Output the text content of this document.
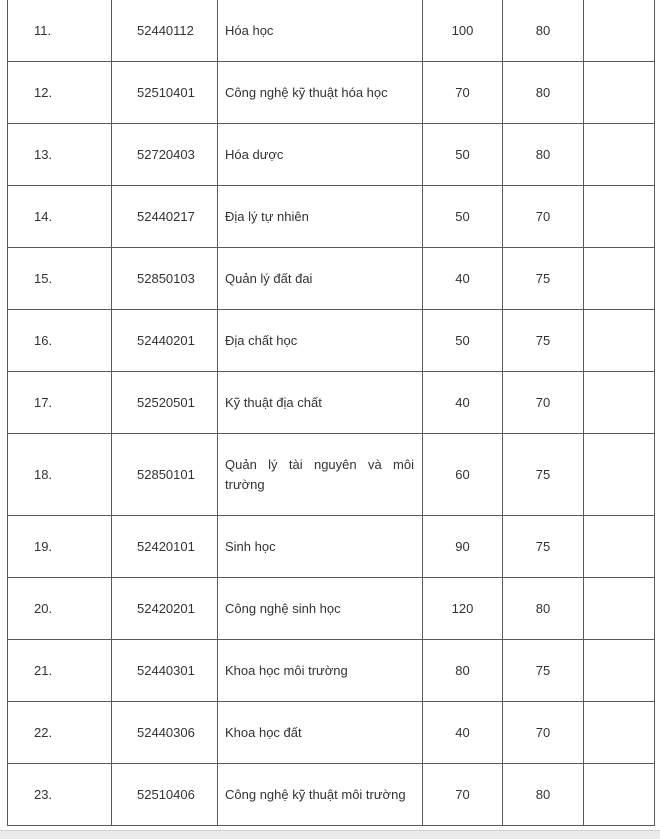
11.	52440112	Hóa học	100	80	
12.	52510401	Công nghệ kỹ thuật hóa học	70	80	
13.	52720403	Hóa dược	50	80	
14.	52440217	Địa lý tự nhiên	50	70	
15.	52850103	Quản lý đất đai	40	75	
16.	52440201	Địa chất học	50	75	
17.	52520501	Kỹ thuật địa chất	40	70	
18.	52850101	Quản lý tài nguyên và môi trường	60	75	
19.	52420101	Sinh học	90	75	
20.	52420201	Công nghệ sinh học	120	80	
21.	52440301	Khoa học môi trường	80	75	
22.	52440306	Khoa học đất	40	70	
23.	52510406	Công nghệ kỹ thuật môi trường	70	80	
